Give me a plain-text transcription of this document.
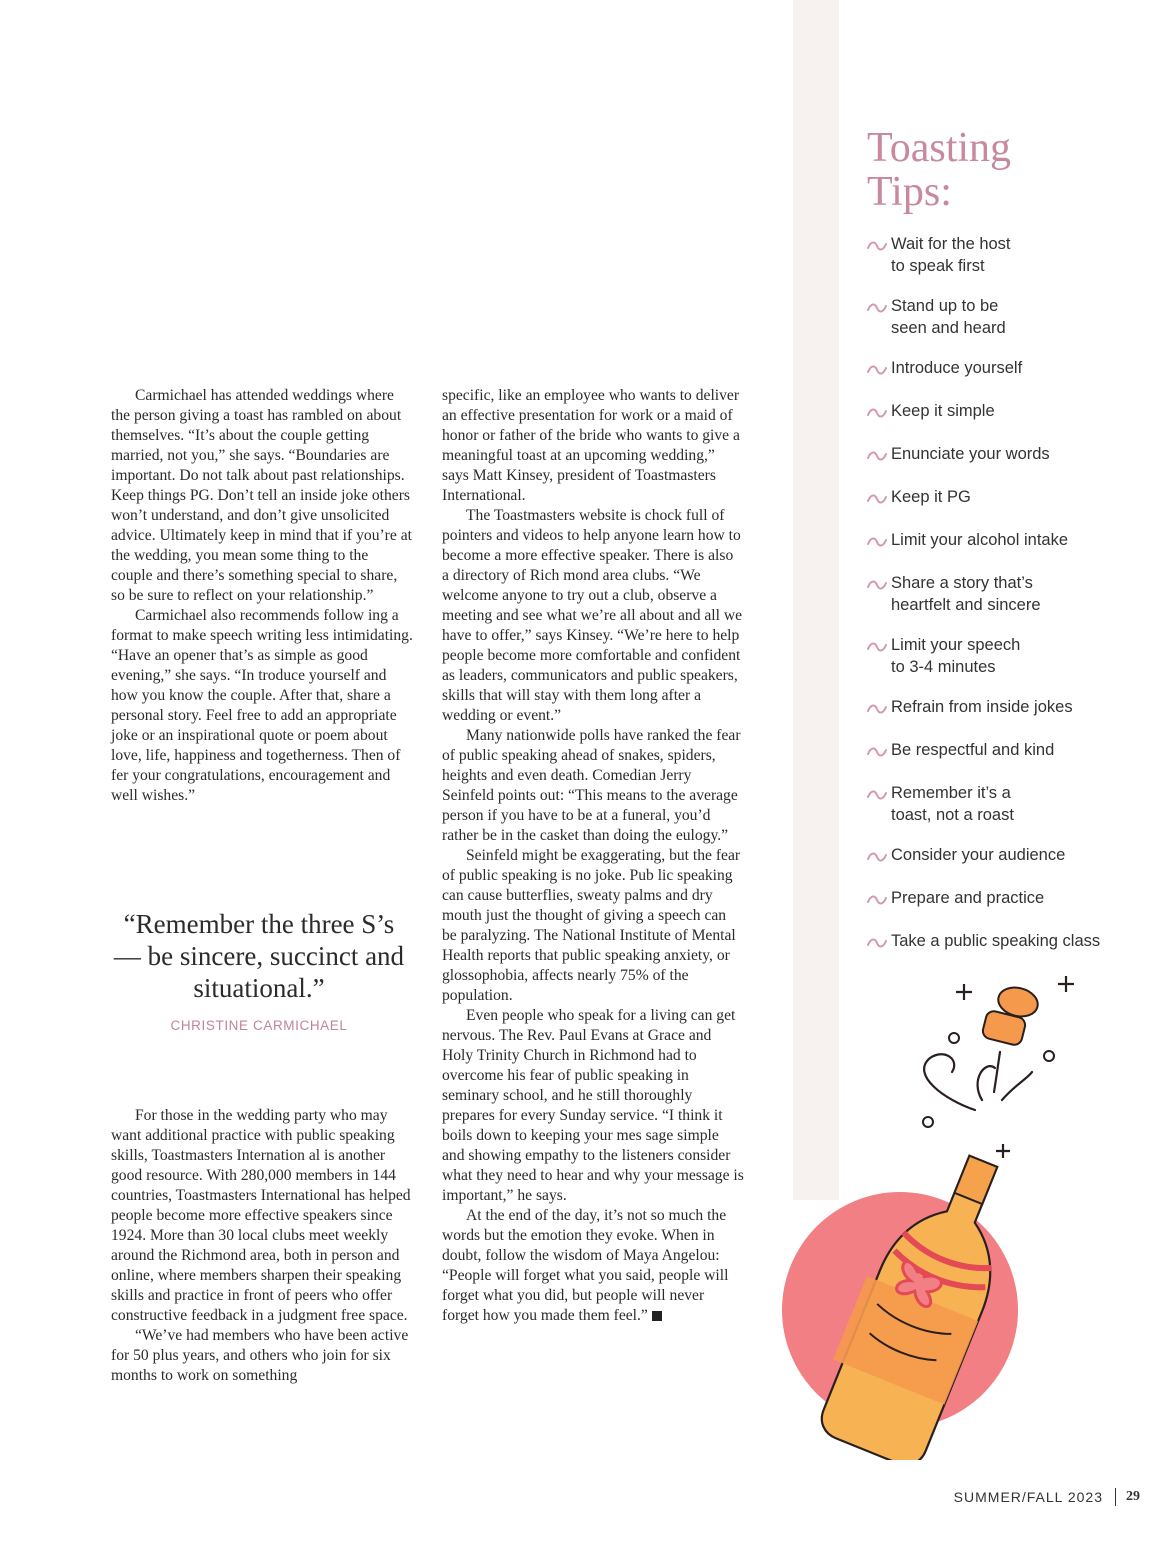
Carmichael has attended weddings where the person giving a toast has rambled on about themselves. “It’s about the couple getting married, not you,” she says. “Boundaries are important. Do not talk about past relationships. Keep things PG. Don’t tell an inside joke others won’t understand, and don’t give unsolicited advice. Ultimately keep in mind that if you’re at the wedding, you mean some thing to the couple and there’s something special to share, so be sure to reflect on your relationship.”

Carmichael also recommends follow ing a format to make speech writing less intimidating. “Have an opener that’s as simple as good evening,” she says. “In troduce yourself and how you know the couple. After that, share a personal story. Feel free to add an appropriate joke or an inspirational quote or poem about love, life, happiness and togetherness. Then of fer your congratulations, encouragement and well wishes.”

“Remember the three S’s — be sincere, succinct and situational.”

CHRISTINE CARMICHAEL

For those in the wedding party who may want additional practice with public speaking skills, Toastmasters Internation al is another good resource. With 280,000 members in 144 countries, Toastmasters International has helped people become more effective speakers since 1924. More than 30 local clubs meet weekly around the Richmond area, both in person and online, where members sharpen their speaking skills and practice in front of peers who offer constructive feedback in a judgment free space.

“We’ve had members who have been active for 50 plus years, and others who join for six months to work on something

specific, like an employee who wants to deliver an effective presentation for work or a maid of honor or father of the bride who wants to give a meaningful toast at an upcoming wedding,” says Matt Kinsey, president of Toastmasters International.

The Toastmasters website is chock full of pointers and videos to help anyone learn how to become a more effective speaker. There is also a directory of Rich mond area clubs. “We welcome anyone to try out a club, observe a meeting and see what we’re all about and all we have to offer,” says Kinsey. “We’re here to help people become more comfortable and confident as leaders, communicators and public speakers, skills that will stay with them long after a wedding or event.”

Many nationwide polls have ranked the fear of public speaking ahead of snakes, spiders, heights and even death. Comedian Jerry Seinfeld points out: “This means to the average person if you have to be at a funeral, you’d rather be in the casket than doing the eulogy.”

Seinfeld might be exaggerating, but the fear of public speaking is no joke. Pub lic speaking can cause butterflies, sweaty palms and dry mouth just the thought of giving a speech can be paralyzing. The National Institute of Mental Health reports that public speaking anxiety, or glossophobia, affects nearly 75% of the population.

Even people who speak for a living can get nervous. The Rev. Paul Evans at Grace and Holy Trinity Church in Richmond had to overcome his fear of public speaking in seminary school, and he still thoroughly prepares for every Sunday service. “I think it boils down to keeping your mes sage simple and showing empathy to the listeners consider what they need to hear and why your message is important,” he says.

At the end of the day, it’s not so much the words but the emotion they evoke. When in doubt, follow the wisdom of Maya Angelou: “People will forget what you said, people will forget what you did, but people will never forget how you made them feel.”

Toasting
Tips:
Wait for the host
to speak first
Stand up to be
seen and heard
Introduce yourself
Keep it simple
Enunciate your words
Keep it PG
Limit your alcohol intake
Share a story that’s
heartfelt and sincere
Limit your speech
to 3-4 minutes
Refrain from inside jokes
Be respectful and kind
Remember it’s a
toast, not a roast
Consider your audience
Prepare and practice
Take a public speaking class
SUMMER/FALL 2023 29
